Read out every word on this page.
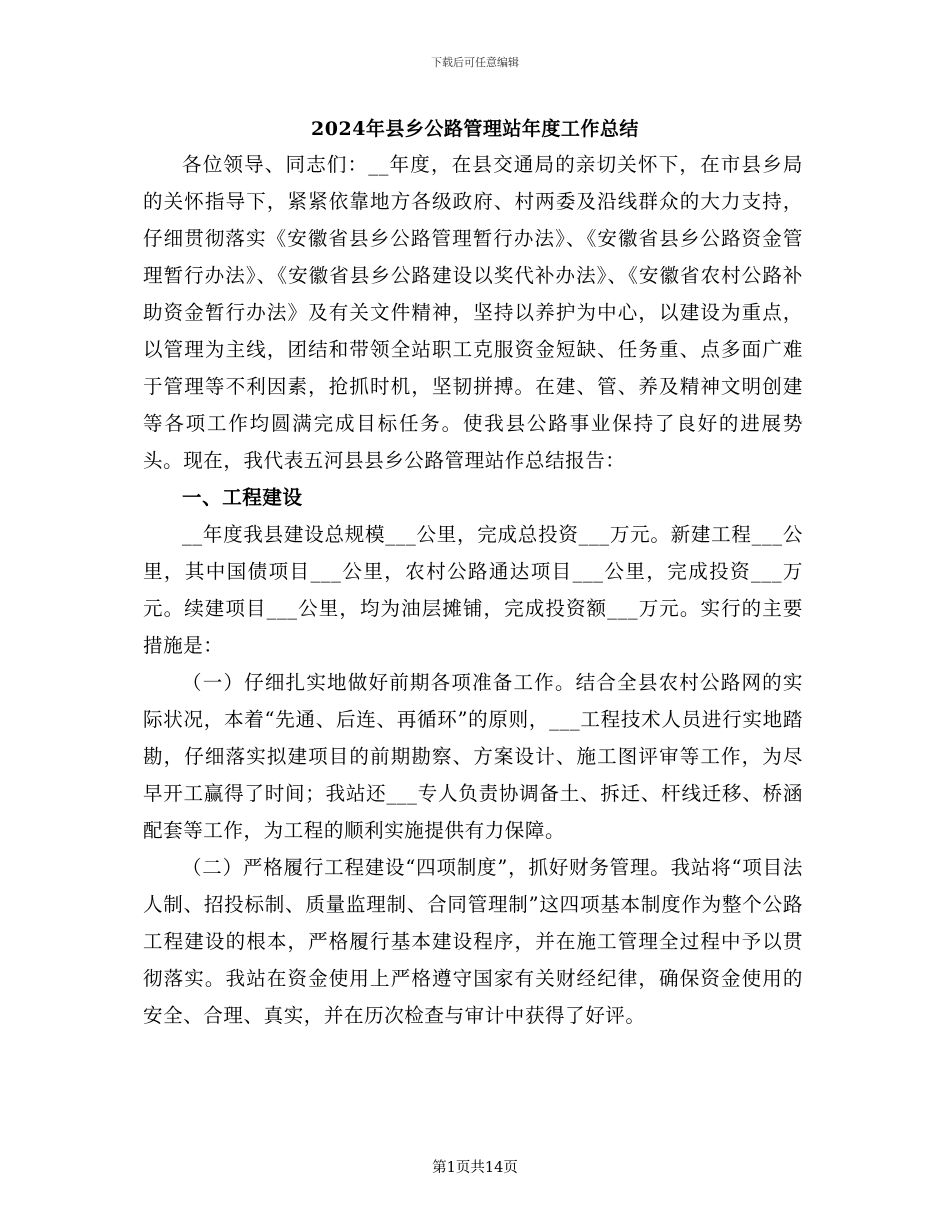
下载后可任意编辑
2024年县乡公路管理站年度工作总结

各位领导、同志们：__年度，在县交通局的亲切关怀下，在市县乡局的关怀指导下，紧紧依靠地方各级政府、村两委及沿线群众的大力支持，仔细贯彻落实《安徽省县乡公路管理暂行办法》、《安徽省县乡公路资金管理暂行办法》、《安徽省县乡公路建设以奖代补办法》、《安徽省农村公路补助资金暂行办法》及有关文件精神，坚持以养护为中心，以建设为重点，以管理为主线，团结和带领全站职工克服资金短缺、任务重、点多面广难于管理等不利因素，抢抓时机，坚韧拼搏。在建、管、养及精神文明创建等各项工作均圆满完成目标任务。使我县公路事业保持了良好的进展势头。现在，我代表五河县县乡公路管理站作总结报告：

一、工程建设

__年度我县建设总规模___公里，完成总投资___万元。新建工程___公里，其中国债项目___公里，农村公路通达项目___公里，完成投资___万元。续建项目___公里，均为油层摊铺，完成投资额___万元。实行的主要措施是：

（一）仔细扎实地做好前期各项准备工作。结合全县农村公路网的实际状况，本着“先通、后连、再循环”的原则，___工程技术人员进行实地踏勘，仔细落实拟建项目的前期勘察、方案设计、施工图评审等工作，为尽早开工赢得了时间；我站还___专人负责协调备土、拆迁、杆线迁移、桥涵配套等工作，为工程的顺利实施提供有力保障。

（二）严格履行工程建设“四项制度”，抓好财务管理。我站将“项目法人制、招投标制、质量监理制、合同管理制”这四项基本制度作为整个公路工程建设的根本，严格履行基本建设程序，并在施工管理全过程中予以贯彻落实。我站在资金使用上严格遵守国家有关财经纪律，确保资金使用的安全、合理、真实，并在历次检查与审计中获得了好评。

第1页共14页
